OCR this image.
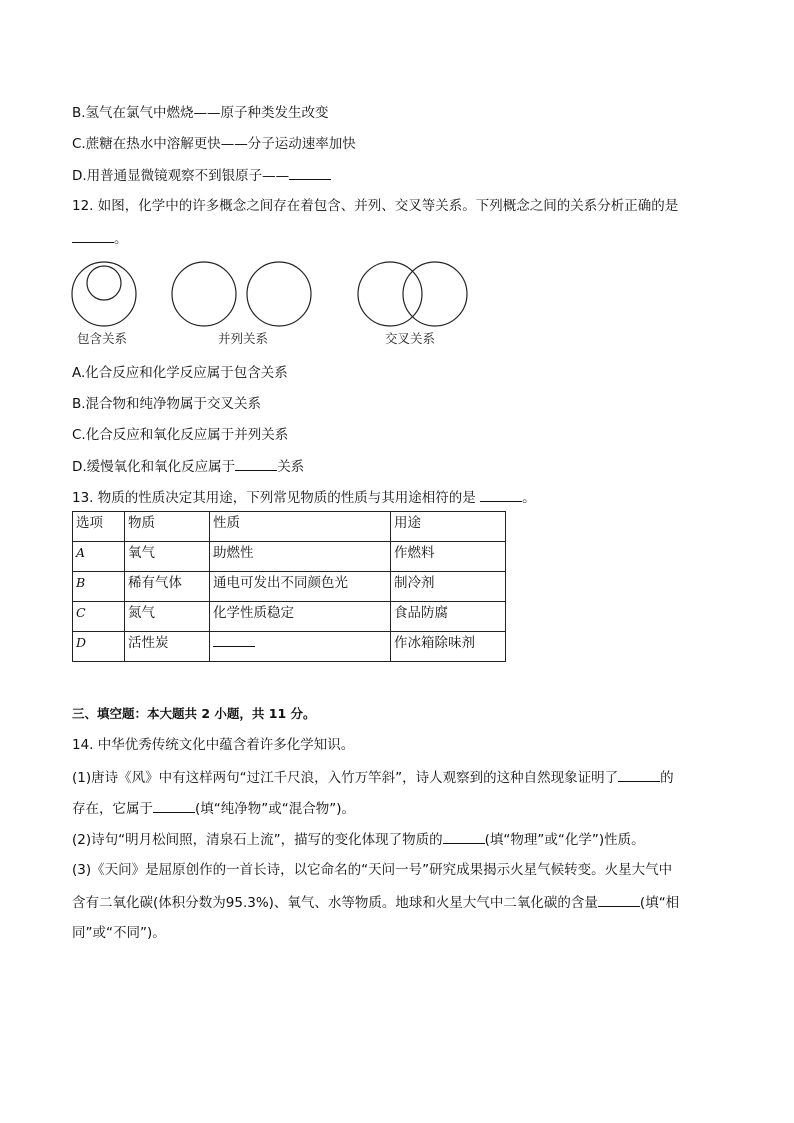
B.氢气在氯气中燃烧——原子种类发生改变
C.蔗糖在热水中溶解更快——分子运动速率加快
D.用普通显微镜观察不到银原子——
12. 如图，化学中的许多概念之间存在着包含、并列、交叉等关系。下列概念之间的关系分析正确的是
。
包含关系	并列关系	交叉关系
A.化合反应和化学反应属于包含关系
B.混合物和纯净物属于交叉关系
C.化合反应和氧化反应属于并列关系
D.缓慢氧化和氧化反应属于	关系
13. 物质的性质决定其用途，下列常见物质的性质与其用途相符的是	。
选项	物质	性质	用途
A	氧气	助燃性	作燃料
B	稀有气体	通电可发出不同颜色光	制冷剂
C	氮气	化学性质稳定	食品防腐
D	活性炭		作冰箱除味剂
三、填空题：本大题共 2 小题，共 11 分。
14. 中华优秀传统文化中蕴含着许多化学知识。
(1)唐诗《风》中有这样两句“过江千尺浪，入竹万竿斜”，诗人观察到的这种自然现象证明了	的
存在，它属于	(填“纯净物”或“混合物”)。
(2)诗句“明月松间照，清泉石上流”，描写的变化体现了物质的	(填“物理”或“化学”)性质。
(3)《天问》是屈原创作的一首长诗，以它命名的“天问一号”研究成果揭示火星气候转变。火星大气中
含有二氧化碳(体积分数为95.3%)、氧气、水等物质。地球和火星大气中二氧化碳的含量	(填“相
同”或“不同”)。
